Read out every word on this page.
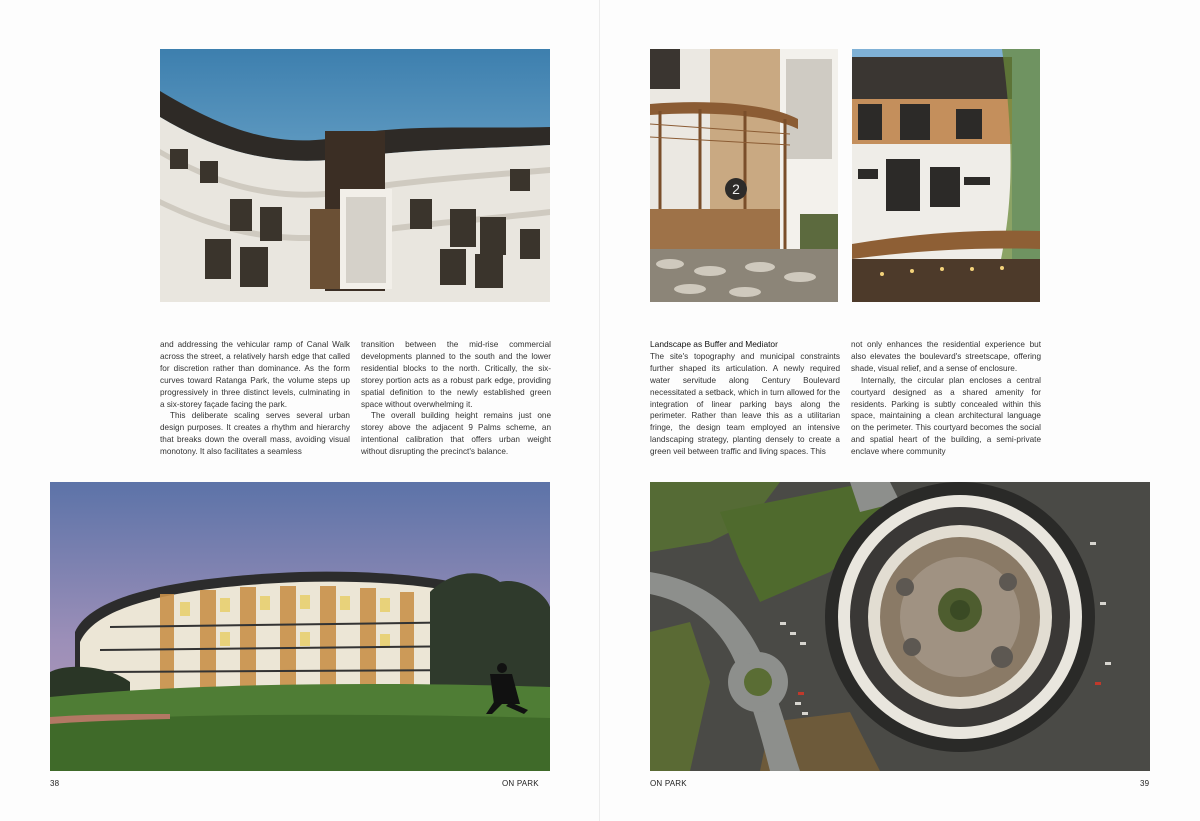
and addressing the vehicular ramp of Canal Walk across the street, a relatively harsh edge that called for discretion rather than dominance. As the form curves toward Ratanga Park, the volume steps up progressively in three distinct levels, culminating in a six-storey façade facing the park.

This deliberate scaling serves several urban design purposes. It creates a rhythm and hierarchy that breaks down the overall mass, avoiding visual monotony. It also facilitates a seamless

transition between the mid-rise commercial developments planned to the south and the lower residential blocks to the north. Critically, the six-storey portion acts as a robust park edge, providing spatial definition to the newly established green space without overwhelming it.

The overall building height remains just one storey above the adjacent 9 Palms scheme, an intentional calibration that offers urban weight without disrupting the precinct's balance.

38	ON PARK
2
Landscape as Buffer and Mediator

The site's topography and municipal constraints further shaped its articulation. A newly required water servitude along Century Boulevard necessitated a setback, which in turn allowed for the integration of linear parking bays along the perimeter. Rather than leave this as a utilitarian fringe, the design team employed an intensive landscaping strategy, planting densely to create a green veil between traffic and living spaces. This

not only enhances the residential experience but also elevates the boulevard's streetscape, offering shade, visual relief, and a sense of enclosure.

Internally, the circular plan encloses a central courtyard designed as a shared amenity for residents. Parking is subtly concealed within this space, maintaining a clean architectural language on the perimeter. This courtyard becomes the social and spatial heart of the building, a semi-private enclave where community

ON PARK	39
